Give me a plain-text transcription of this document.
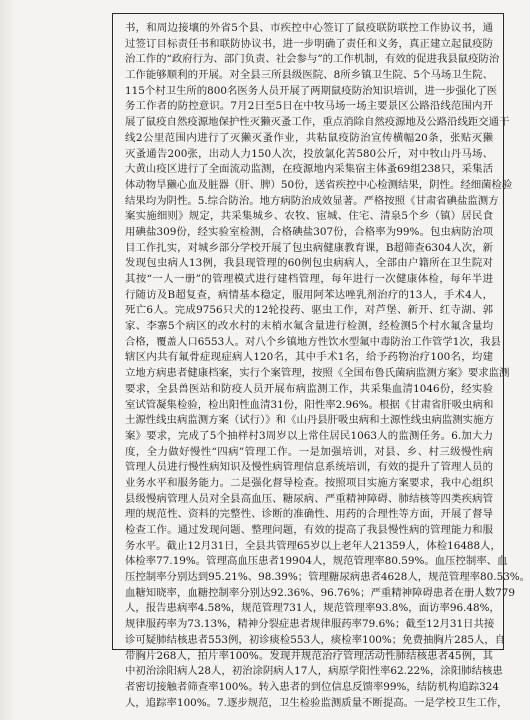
书，和周边接壤的外省5个县、市疾控中心签订了鼠疫联防联控工作协议书，通
过签订目标责任书和联防协议书，进一步明确了责任和义务，真正建立起鼠疫防
治工作的“政府行为、部门负责、社会参与”的工作机制，有效的促进我县鼠疫防治
工作能够顺利的开展。对全县三所县级医院、8所乡镇卫生院、5个马场卫生院、
115个村卫生所的800名医务人员开展了两期鼠疫防治知识培训，进一步强化了医
务工作者的防控意识。7月2日至5日在中牧马场一场主要景区公路沿线范围内开
展了鼠疫自然疫源地保护性灭獭灭蚤工作，重点消除自然疫源地及公路沿线距交通干
线2公里范围内进行了灭獭灭蚤作业，共粘鼠疫防治宣传横幅20条，张贴灭獭
灭蚤通告200张，出动人力150人次，投放氯化苦580公斤，对中牧山丹马场、
大黄山疫区进行了全面流动监测，在疫源地内采集宿主体蚤69组238只，采集活
体动物旱獭心血及脏器（肝、脾）50份，送省疾控中心检测结果，阴性。经细菌检验
结果均为阴性。5.综合防治。地方病防治成效显著。严格按照《甘肃省碘盐监测方
案实施细则》规定，共采集城乡、农牧、宦城、住宅、清泉5个乡（镇）居民食
用碘盐309份，经实验室检测，合格碘盐307份，合格率为99%。包虫病防治项
目工作扎实，对城乡部分学校开展了包虫病健康教育课，B超筛查6304人次，新
发现包虫病人13例，我县现管理的60例包虫病病人，全部由户籍所在卫生院对
其按“一人一册”的管理模式进行建档管理，每年进行一次健康体检，每年半进
行随访及B超复查，病情基本稳定，服用阿苯达唑乳剂治疗的13人，手术4人，
死亡6人。完成9756只犬的12轮投药、驱虫工作，对芦堡、新开、红寺湖、郭
家、李寨5个病区的改水村的末梢水氟含量进行检测，经检测5个村水氟含量均
合格，覆盖人口6553人。对八个乡镇地方性饮水型氟中毒防治工作管学1次，我县
辖区内共有氟骨症现症病人120名，其中手术1名，给予药物治疗100名，均建
立地方病患者健康档案，实行个案管理，按照《全国布鲁氏菌病监测方案》要求监测
要求，全县兽医站和防疫人员开展布病监测工作，共采集血清1046份，经实验
室试管凝集检验，检出阳性血清31份，阳性率2.96%。根据《甘肃省肝吸虫病和
土源性线虫病监测方案（试行）》和《山丹县肝吸虫病和土源性线虫病监测实施方
案》要求，完成了5个抽样村3周岁以上常住居民1063人的监测任务。6.加大力
度，全力做好慢性“四病”管理工作。一是加强培训，对县、乡、村三级慢性病
管理人员进行慢性病知识及慢性病管理信息系统培训，有效的提升了管理人员的
业务水平和服务能力。二是强化督导检查。按照项目实施方案要求，我中心组织
县级慢病管理人员对全县高血压、糖尿病、严重精神障碍、肺结核等四类疾病管
理的规范性、资料的完整性、诊断的准确性、用药的合理性等方面，开展了督导
检查工作。通过发现问题、整理问题，有效的提高了我县慢性病的管理能力和服
务水平。截止12月31日，全县共管理65岁以上老年人21359人，体检16488人，
体检率77.19%。管理高血压患者19904人，规范管理率80.59%。血压控制率、血
压控制率分别达到95.21%、98.39%；管理糖尿病患者4628人，规范管理率80.53%。
血糖知晓率，血糖控制率分别达92.36%、96.76%；严重精神障碍患者在册人数779
人，报告患病率4.58%，规范管理731人，规范管理率93.8%，面访率96.48%，
规律服药率为73.13%，精神分裂症患者规律服药率79.6%；截至12月31日共接
诊可疑肺结核患者553例，初诊痰检553人，痰检率100%；免费抽胸片285人，自
带胸片268人，拍片率100%。发现并规范治疗管理活动性肺结核患者45例，其
中初治涂阳病人28人，初治涂阴病人17人，病原学阳性率62.22%，涂阳肺结核患
者密切接触者筛查率100%。转入患者的到位信息反馈率99%，结防机构追踪324
人，追踪率100%。7.逐步规范，卫生检验监测质量不断提高。一是学校卫生工作，
